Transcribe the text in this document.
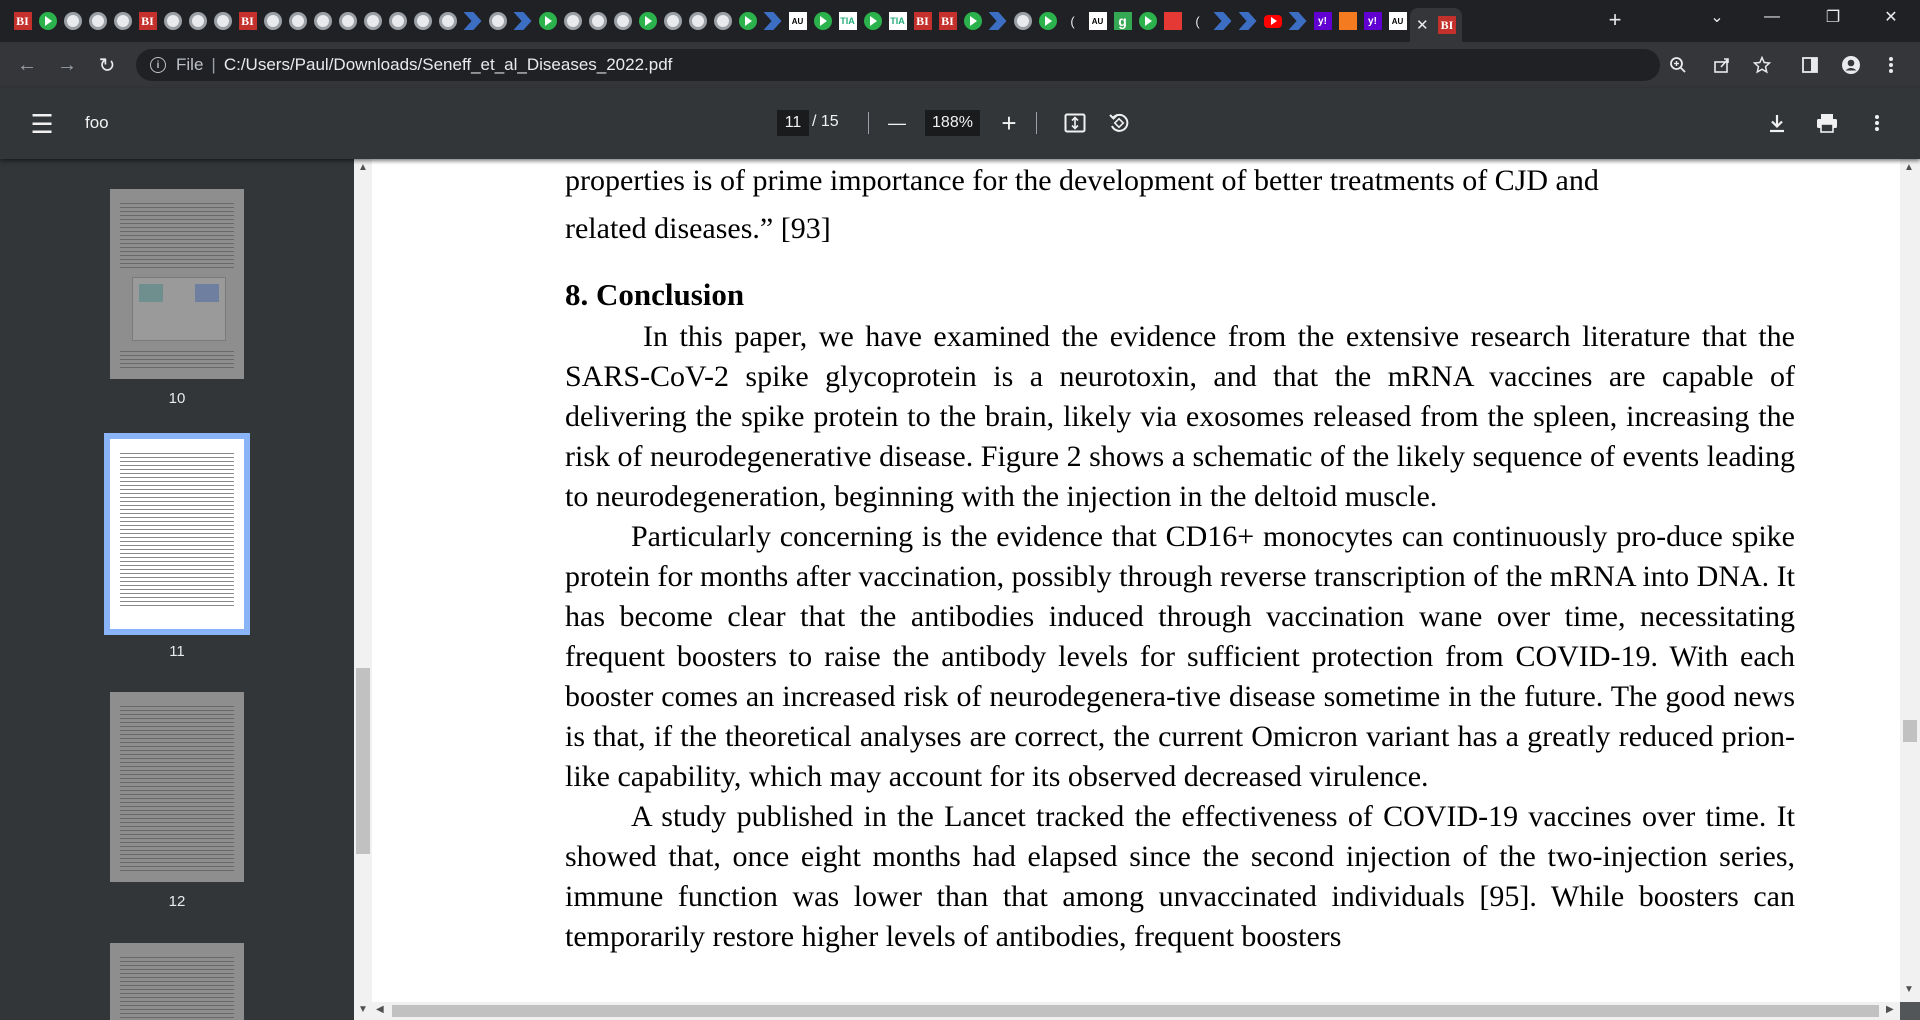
BI	BI	BI	AU	TIA	TIA BI BI	(	AU	g	(	y!	y!	AU ✕ BI	+	⌄	—	❐	✕
← →	↻	i File | C:/Users/Paul/Downloads/Seneff_et_al_Diseases_2022.pdf
☰ foo	11 / 15	—	188% +
10
11
12
▲
▼
properties is of prime importance for the development of better treatments of CJD and

related diseases.” [93]

8. Conclusion

In this paper, we have examined the evidence from the extensive research literature that the SARS-CoV-2 spike glycoprotein is a neurotoxin, and that the mRNA vaccines are capable of delivering the spike protein to the brain, likely via exosomes released from the spleen, increasing the risk of neurodegenerative disease. Figure 2 shows a schematic of the likely sequence of events leading to neurodegeneration, beginning with the injection in the deltoid muscle.

Particularly concerning is the evidence that CD16+ monocytes can continuously pro-duce spike protein for months after vaccination, possibly through reverse transcription of the mRNA into DNA. It has become clear that the antibodies induced through vaccination wane over time, necessitating frequent boosters to raise the antibody levels for sufficient protection from COVID-19. With each booster comes an increased risk of neurodegenera-tive disease sometime in the future. The good news is that, if the theoretical analyses are correct, the current Omicron variant has a greatly reduced prion-like capability, which may account for its observed decreased virulence.

A study published in the Lancet tracked the effectiveness of COVID-19 vaccines over time. It showed that, once eight months had elapsed since the second injection of the two-injection series, immune function was lower than that among unvaccinated individuals [95]. While boosters can temporarily restore higher levels of antibodies, frequent boosters

▲
▼
◀	▶
